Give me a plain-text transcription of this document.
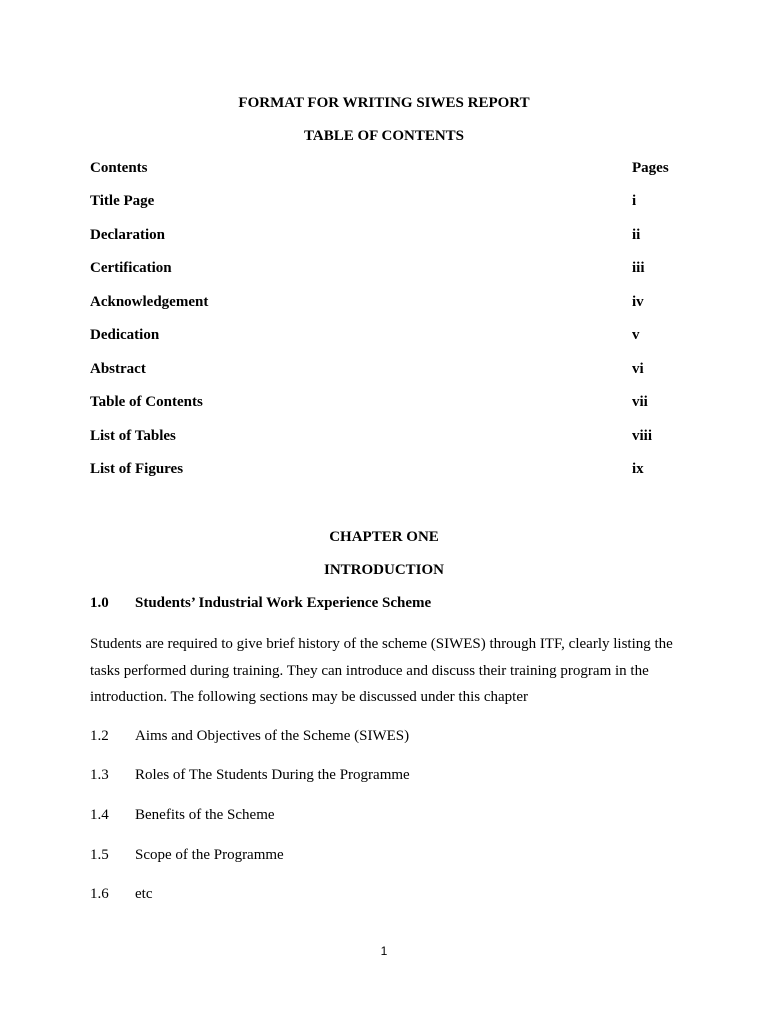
FORMAT FOR WRITING SIWES REPORT
TABLE OF CONTENTS
Contents	Pages
Title Page	i
Declaration	ii
Certification	iii
Acknowledgement	iv
Dedication	v
Abstract	vi
Table of Contents	vii
List of Tables	viii
List of Figures	ix
CHAPTER ONE
INTRODUCTION
1.0 Students’ Industrial Work Experience Scheme
Students are required to give brief history of the scheme (SIWES) through ITF, clearly listing the tasks performed during training. They can introduce and discuss their training program in the introduction. The following sections may be discussed under this chapter
1.2 Aims and Objectives of the Scheme (SIWES)
1.3 Roles of The Students During the Programme
1.4 Benefits of the Scheme
1.5 Scope of the Programme
1.6 etc
1
